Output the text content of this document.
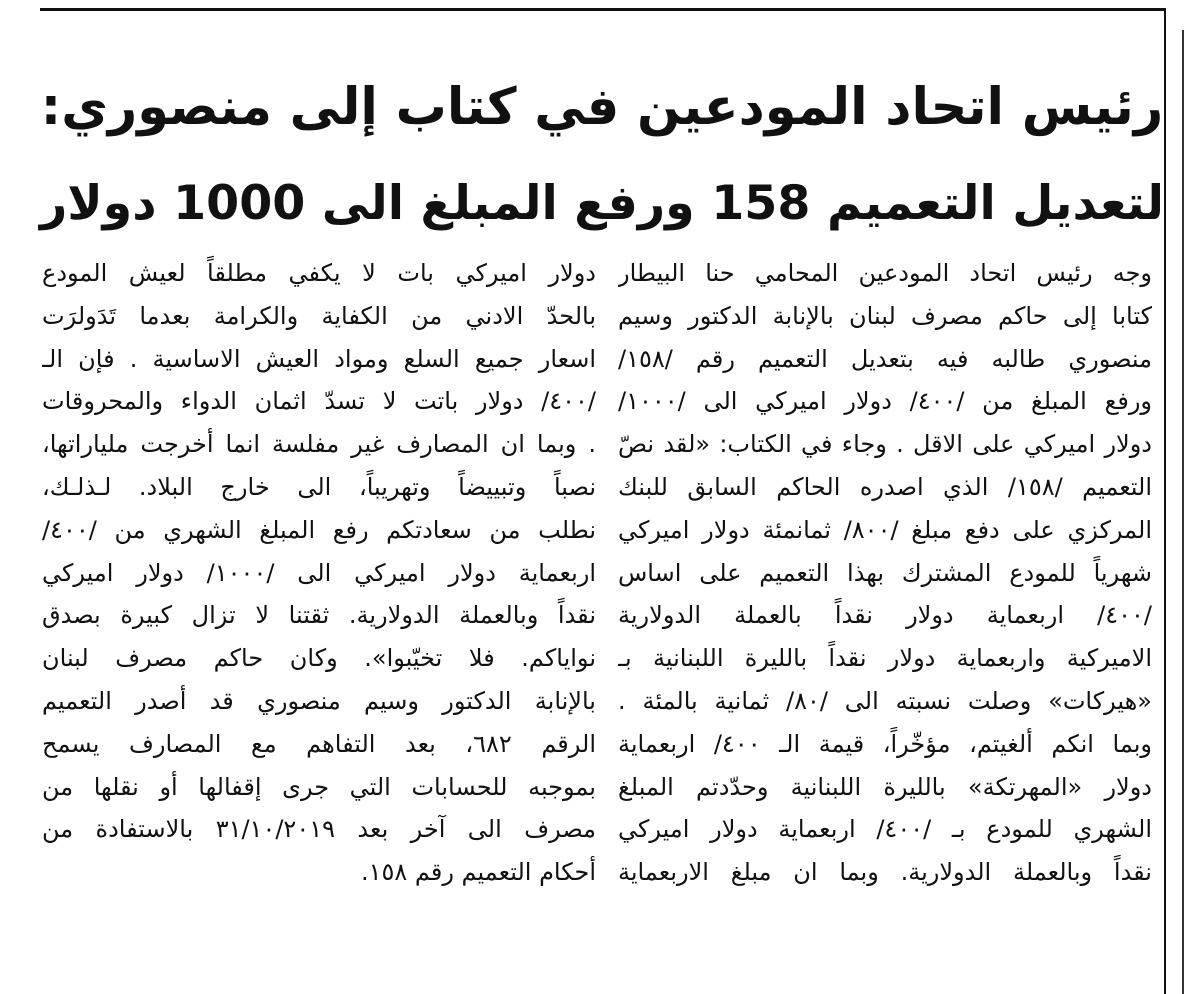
رئيس اتحاد المودعين في كتاب إلى منصوري:
لتعديل التعميم 158 ورفع المبلغ الى 1000 دولار
وجه رئيس اتحاد المودعين المحامي حنا البيطار
كتابا إلى حاكم مصرف لبنان بالإنابة الدكتور وسيم
منصوري طالبه فيه بتعديل التعميم رقم /١٥٨/
ورفع المبلغ من /٤٠٠/ دولار اميركي الى /١٠٠٠/
دولار اميركي على الاقل . وجاء في الكتاب: «لقد نصّ
التعميم /١٥٨/ الذي اصدره الحاكم السابق للبنك
المركزي على دفع مبلغ /٨٠٠/ ثمانمئة دولار اميركي
شهرياً للمودع المشترك بهذا التعميم على اساس
/٤٠٠/ اربعماية دولار نقداً بالعملة الدولارية
الاميركية واربعماية دولار نقداً بالليرة اللبنانية بـ
«هيركات» وصلت نسبته الى /٨٠/ ثمانية بالمئة .
وبما انكم ألغيتم، مؤخّراً، قيمة الـ ٤٠٠/ اربعماية
دولار «المهرتكة» بالليرة اللبنانية وحدّدتم المبلغ
الشهري للمودع بـ /٤٠٠/ اربعماية دولار اميركي
نقداً وبالعملة الدولارية. وبما ان مبلغ الاربعماية
دولار اميركي بات لا يكفي مطلقاً لعيش المودع
بالحدّ الادني من الكفاية والكرامة بعدما تَدَولرَت
اسعار جميع السلع ومواد العيش الاساسية . فإن الـ
/٤٠٠/ دولار باتت لا تسدّ اثمان الدواء والمحروقات
. وبما ان المصارف غير مفلسة انما أخرجت ملياراتها،
نصباً وتبييضاً وتهريباً، الى خارج البلاد. لـذلـك،
نطلب من سعادتكم رفع المبلغ الشهري من /٤٠٠/
اربعماية دولار اميركي الى /١٠٠٠/ دولار اميركي
نقداً وبالعملة الدولارية. ثقتنا لا تزال كبيرة بصدق
نواياكم. فلا تخيّبوا». وكان حاكم مصرف لبنان
بالإنابة الدكتور وسيم منصوري قد أصدر التعميم
الرقم ٦٨٢، بعد التفاهم مع المصارف يسمح
بموجبه للحسابات التي جرى إقفالها أو نقلها من
مصرف الى آخر بعد ٣١/١٠/٢٠١٩ بالاستفادة من
أحكام التعميم رقم ١٥٨.
